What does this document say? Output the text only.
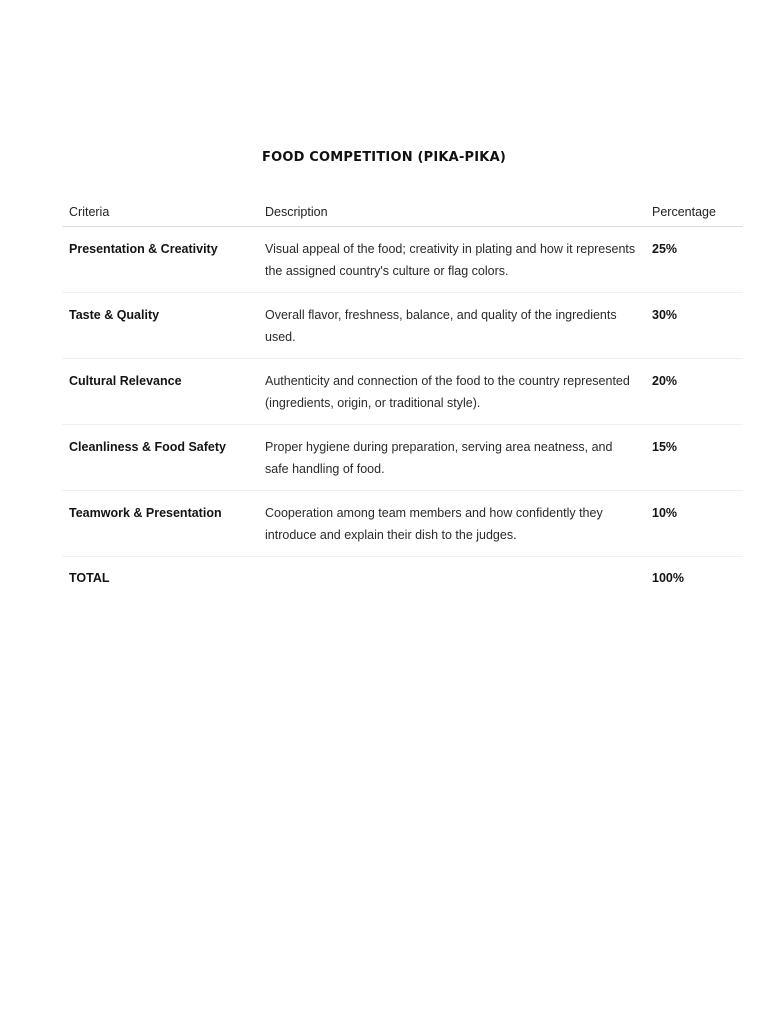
FOOD COMPETITION (PIKA-PIKA)
Criteria	Description	Percentage
Presentation & Creativity	Visual appeal of the food; creativity in plating and how it represents the assigned country's culture or flag colors.	25%
Taste & Quality	Overall flavor, freshness, balance, and quality of the ingredients used.	30%
Cultural Relevance	Authenticity and connection of the food to the country represented (ingredients, origin, or traditional style).	20%
Cleanliness & Food Safety	Proper hygiene during preparation, serving area neatness, and safe handling of food.	15%
Teamwork & Presentation	Cooperation among team members and how confidently they introduce and explain their dish to the judges.	10%
TOTAL		100%
